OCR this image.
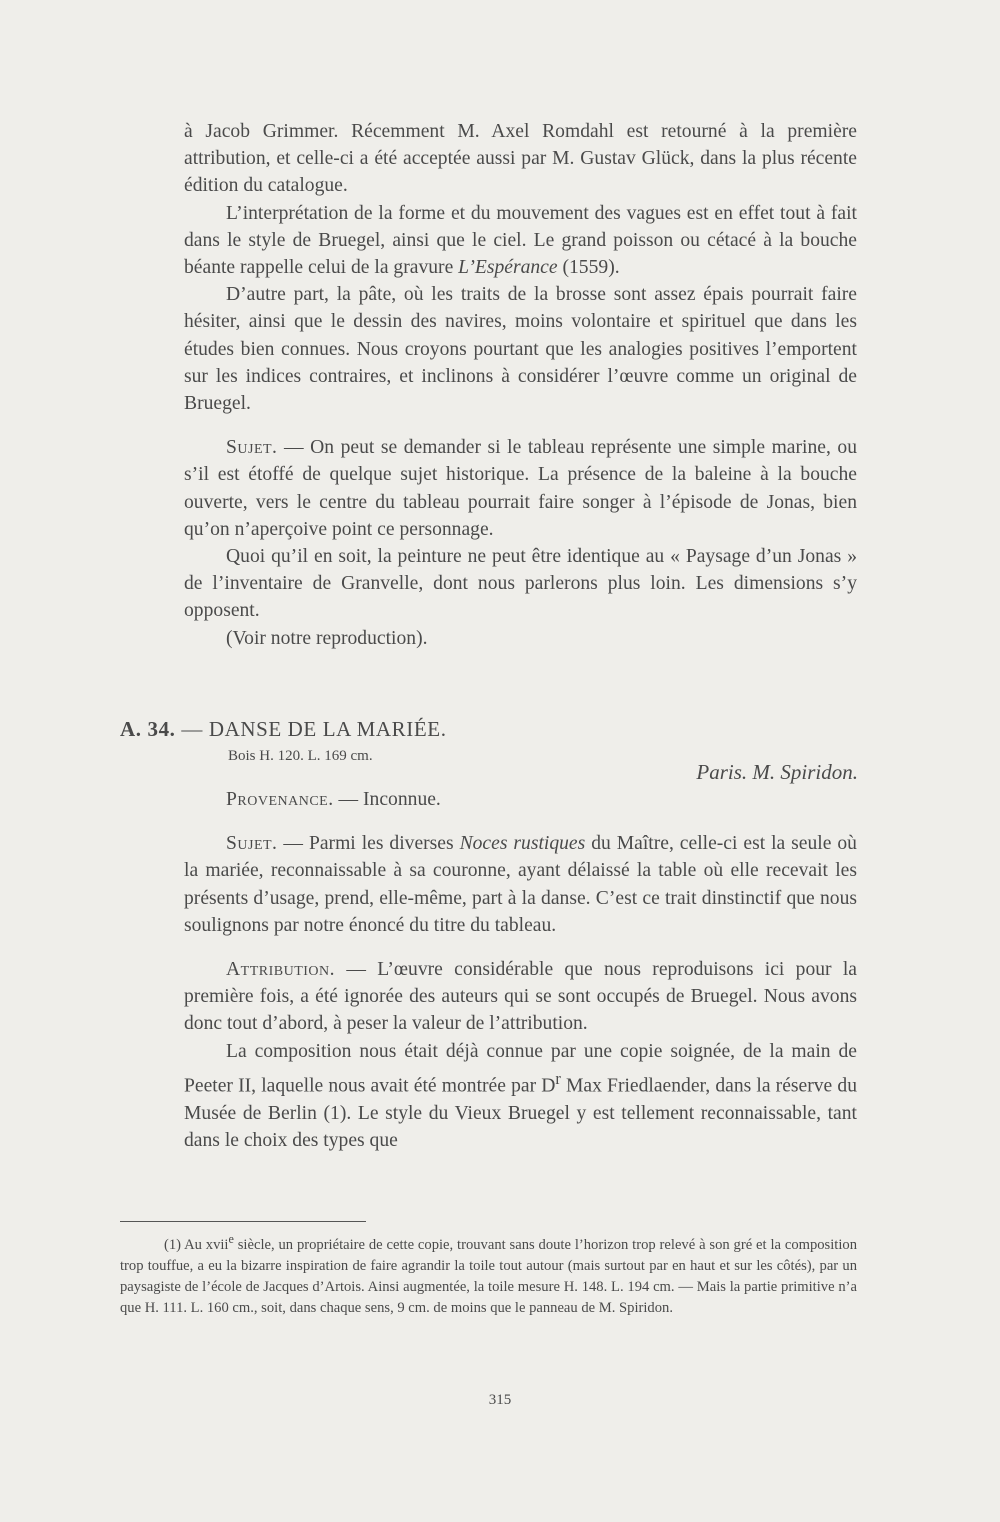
à Jacob Grimmer. Récemment M. Axel Romdahl est retourné à la première attribution, et celle-ci a été acceptée aussi par M. Gustav Glück, dans la plus récente édition du catalogue.

L’interprétation de la forme et du mouvement des vagues est en effet tout à fait dans le style de Bruegel, ainsi que le ciel. Le grand poisson ou cétacé à la bouche béante rappelle celui de la gravure L’Espérance (1559).

D’autre part, la pâte, où les traits de la brosse sont assez épais pourrait faire hésiter, ainsi que le dessin des navires, moins volontaire et spirituel que dans les études bien connues. Nous croyons pourtant que les analogies positives l’emportent sur les indices contraires, et inclinons à considérer l’œuvre comme un original de Bruegel.

Sujet. — On peut se demander si le tableau représente une simple marine, ou s’il est étoffé de quelque sujet historique. La présence de la baleine à la bouche ouverte, vers le centre du tableau pourrait faire songer à l’épisode de Jonas, bien qu’on n’aperçoive point ce personnage.

Quoi qu’il en soit, la peinture ne peut être identique au « Paysage d’un Jonas » de l’inventaire de Granvelle, dont nous parlerons plus loin. Les dimensions s’y opposent.

(Voir notre reproduction).

A. 34. — DANSE DE LA MARIÉE.
Bois H. 120. L. 169 cm.
Paris. M. Spiridon.

Provenance. — Inconnue.

Sujet. — Parmi les diverses Noces rustiques du Maître, celle-ci est la seule où la mariée, reconnaissable à sa couronne, ayant délaissé la table où elle recevait les présents d’usage, prend, elle-même, part à la danse. C’est ce trait dinstinctif que nous soulignons par notre énoncé du titre du tableau.

Attribution. — L’œuvre considérable que nous reproduisons ici pour la première fois, a été ignorée des auteurs qui se sont occupés de Bruegel. Nous avons donc tout d’abord, à peser la valeur de l’attribution.

La composition nous était déjà connue par une copie soignée, de la main de Peeter II, laquelle nous avait été montrée par $D^r$ Max Friedlaender, dans la réserve du Musée de Berlin (1). Le style du Vieux Bruegel y est tellement reconnaissable, tant dans le choix des types que

(1) Au xvii$^e$ siècle, un propriétaire de cette copie, trouvant sans doute l’horizon trop relevé à son gré et la composition trop touffue, a eu la bizarre inspiration de faire agrandir la toile tout autour (mais surtout par en haut et sur les côtés), par un paysagiste de l’école de Jacques d’Artois. Ainsi augmentée, la toile mesure H. 148. L. 194 cm. — Mais la partie primitive n’a que H. 111. L. 160 cm., soit, dans chaque sens, 9 cm. de moins que le panneau de M. Spiridon.

315
